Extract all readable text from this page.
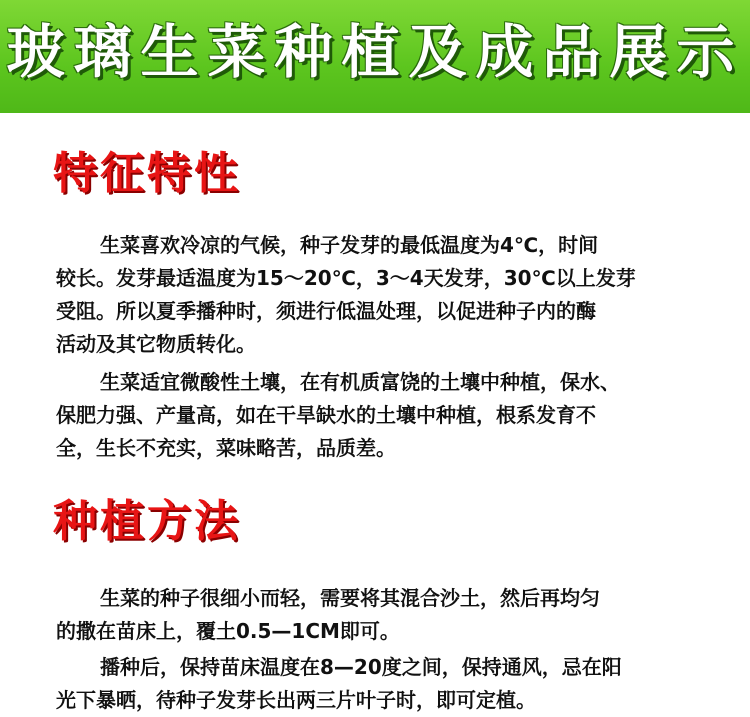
玻璃生菜种植及成品展示
特征特性
生菜喜欢冷凉的气候，种子发芽的最低温度为4℃，时间
较长。发芽最适温度为15～20℃，3～4天发芽，30℃以上发芽
受阻。所以夏季播种时，须进行低温处理，以促进种子内的酶
活动及其它物质转化。
生菜适宜微酸性土壤，在有机质富饶的土壤中种植，保水、
保肥力强、产量高，如在干旱缺水的土壤中种植，根系发育不
全，生长不充实，菜味略苦，品质差。
种植方法
生菜的种子很细小而轻，需要将其混合沙土，然后再均匀
的撒在苗床上，覆土0.5—1CM即可。
播种后，保持苗床温度在8—20度之间，保持通风，忌在阳
光下暴晒，待种子发芽长出两三片叶子时，即可定植。
